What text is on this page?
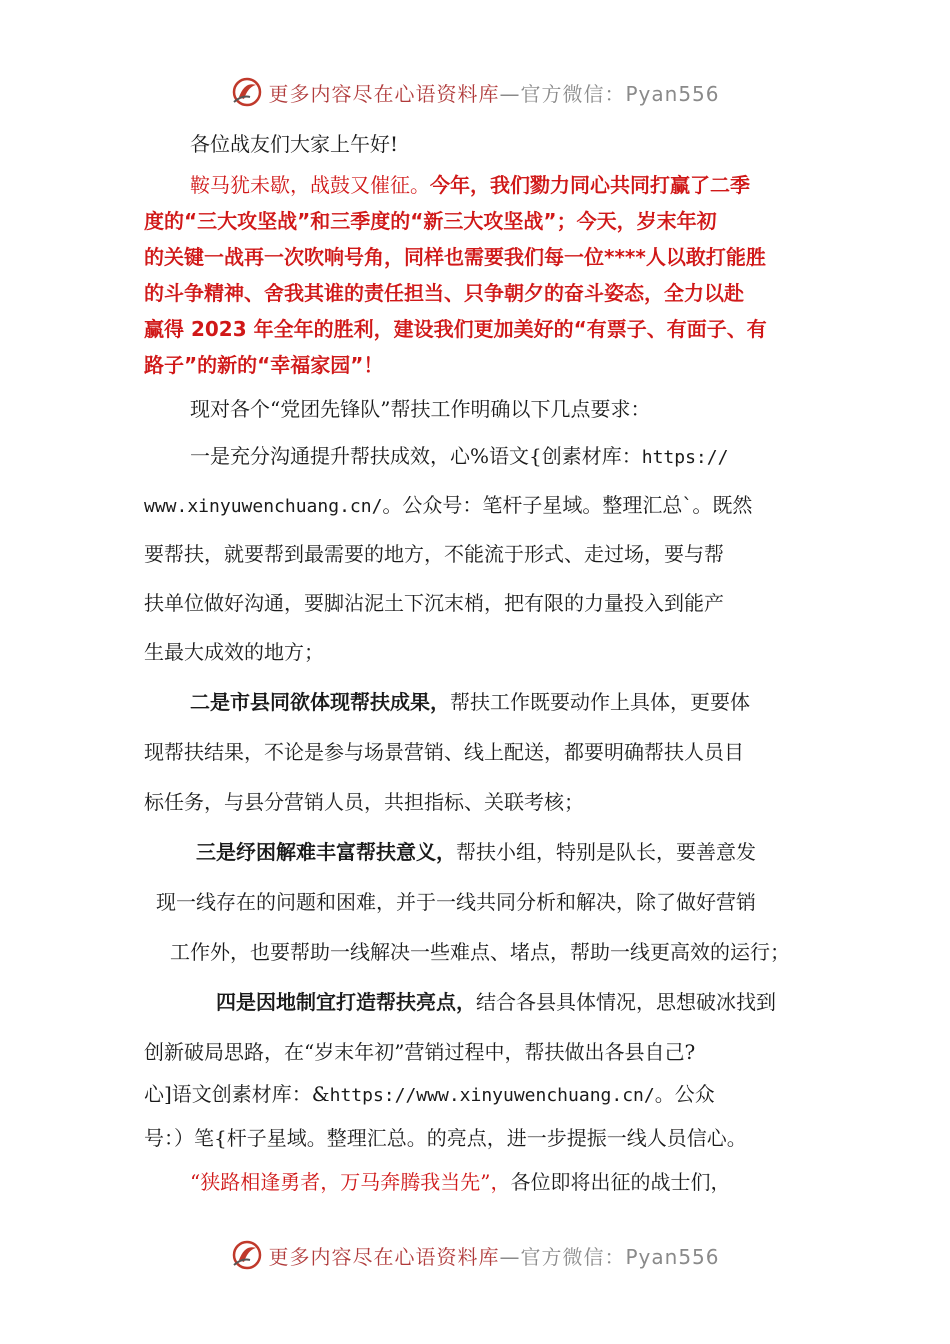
更多内容尽在心语资料库—官方微信：Pyan556
各位战友们大家上午好!
鞍马犹未歇，战鼓又催征。今年，我们勠力同心共同打赢了二季
度的“三大攻坚战”和三季度的“新三大攻坚战”；今天，岁末年初
的关键一战再一次吹响号角，同样也需要我们每一位****人以敢打能胜
的斗争精神、舍我其谁的责任担当、只争朝夕的奋斗姿态，全力以赴
赢得 2023 年全年的胜利，建设我们更加美好的“有票子、有面子、有
路子”的新的“幸福家园”！
现对各个“党团先锋队”帮扶工作明确以下几点要求：
一是充分沟通提升帮扶成效，心%语文{创素材库：https://
www.xinyuwenchuang.cn/。公众号：笔杆子星域。整理汇总`。既然
要帮扶，就要帮到最需要的地方，不能流于形式、走过场，要与帮
扶单位做好沟通，要脚沾泥土下沉末梢，把有限的力量投入到能产
生最大成效的地方；
二是市县同欲体现帮扶成果，帮扶工作既要动作上具体，更要体
现帮扶结果，不论是参与场景营销、线上配送，都要明确帮扶人员目
标任务，与县分营销人员，共担指标、关联考核；
三是纾困解难丰富帮扶意义，帮扶小组，特别是队长，要善意发
现一线存在的问题和困难，并于一线共同分析和解决，除了做好营销
工作外，也要帮助一线解决一些难点、堵点，帮助一线更高效的运行；
四是因地制宜打造帮扶亮点，结合各县具体情况，思想破冰找到
创新破局思路，在“岁末年初”营销过程中，帮扶做出各县自己?
心]语文创素材库：&https://www.xinyuwenchuang.cn/。公众
号：）笔{杆子星域。整理汇总。的亮点，进一步提振一线人员信心。
“狭路相逢勇者，万马奔腾我当先”，各位即将出征的战士们，
更多内容尽在心语资料库—官方微信：Pyan556
